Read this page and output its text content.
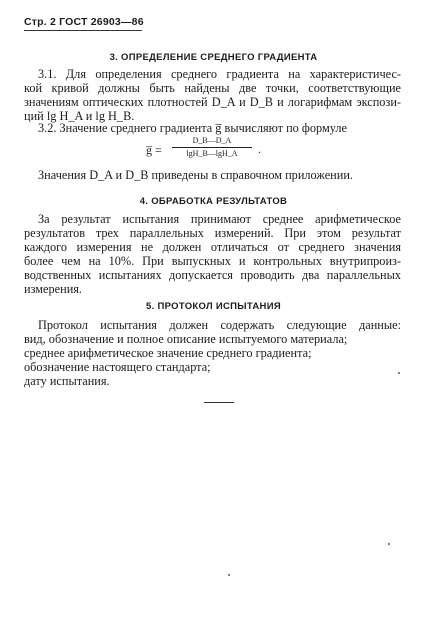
Стр. 2 ГОСТ 26903—86
3. ОПРЕДЕЛЕНИЕ СРЕДНЕГО ГРАДИЕНТА
3.1. Для определения среднего градиента на характеристичес-
кой кривой должны быть найдены две точки, соответствующие
значениям оптических плотностей D_A и D_B и логарифмам экспози-
ций lg H_A и lg H_B.
3.2. Значение среднего градиента g̅ вычисляют по формуле
g̅ =
D_B—D_A
lgH_B—lgH_A	.
Значения D_A и D_B приведены в справочном приложении.
4. ОБРАБОТКА РЕЗУЛЬТАТОВ
За результат испытания принимают среднее арифметическое
результатов трех параллельных измерений. При этом результат
каждого измерения не должен отличаться от среднего значения
более чем на 10%. При выпускных и контрольных внутрипроиз-
водственных испытаниях допускается проводить два параллельных
измерения.
5. ПРОТОКОЛ ИСПЫТАНИЯ
Протокол испытания должен содержать следующие данные:
вид, обозначение и полное описание испытуемого материала;
среднее арифметическое значение среднего градиента;
обозначение настоящего стандарта;
дату испытания.
